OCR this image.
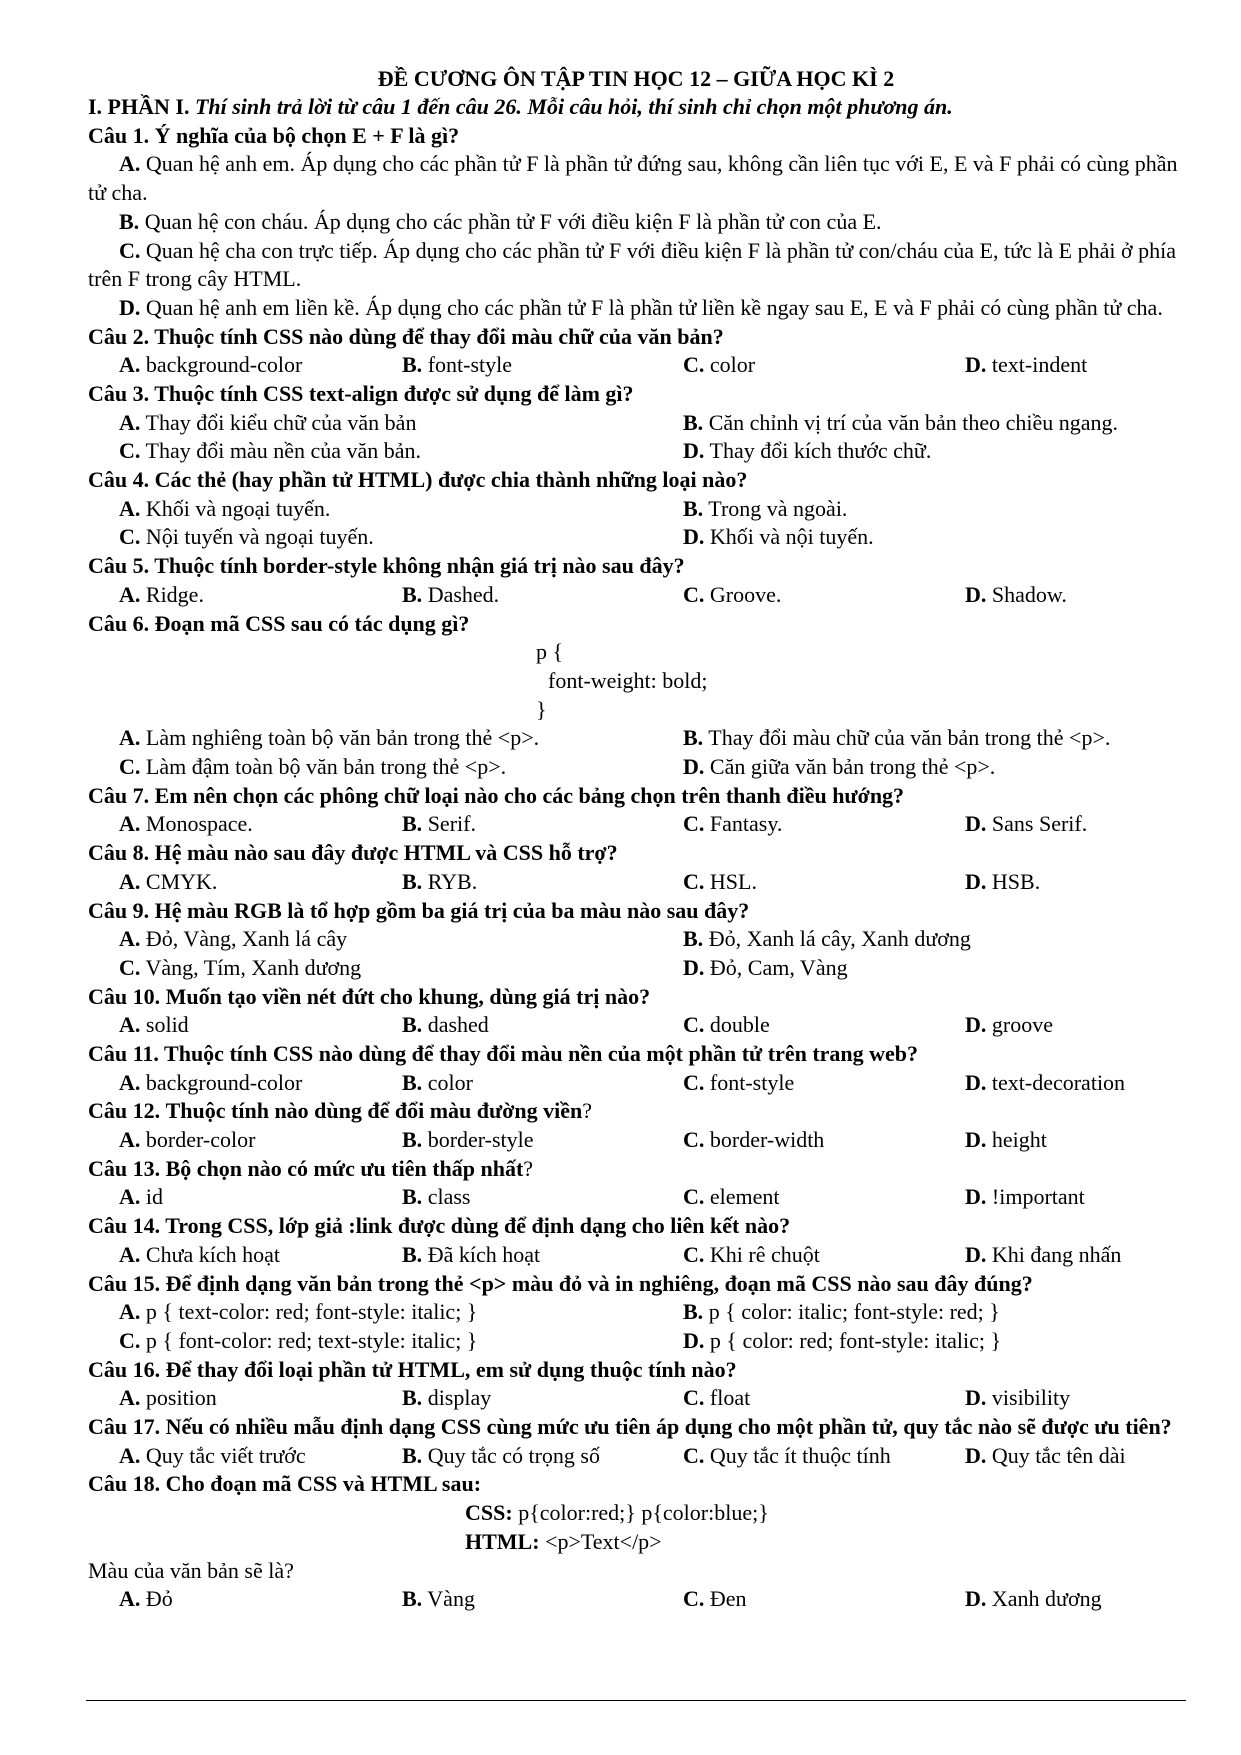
ĐỀ CƯƠNG ÔN TẬP TIN HỌC 12 – GIỮA HỌC KÌ 2
I. PHẦN I. Thí sinh trả lời từ câu 1 đến câu 26. Mỗi câu hỏi, thí sinh chỉ chọn một phương án.
Câu 1. Ý nghĩa của bộ chọn E + F là gì?
A. Quan hệ anh em. Áp dụng cho các phần tử F là phần tử đứng sau, không cần liên tục với E, E và F phải có cùng phần tử cha.
B. Quan hệ con cháu. Áp dụng cho các phần tử F với điều kiện F là phần tử con của E.
C. Quan hệ cha con trực tiếp. Áp dụng cho các phần tử F với điều kiện F là phần tử con/cháu của E, tức là E phải ở phía trên F trong cây HTML.
D. Quan hệ anh em liền kề. Áp dụng cho các phần tử F là phần tử liền kề ngay sau E, E và F phải có cùng phần tử cha.
Câu 2. Thuộc tính CSS nào dùng để thay đổi màu chữ của văn bản?
A. background-color	B. font-style	C. color	D. text-indent
Câu 3. Thuộc tính CSS text-align được sử dụng để làm gì?
A. Thay đổi kiểu chữ của văn bản	B. Căn chỉnh vị trí của văn bản theo chiều ngang.
C. Thay đổi màu nền của văn bản.	D. Thay đổi kích thước chữ.
Câu 4. Các thẻ (hay phần tử HTML) được chia thành những loại nào?
A. Khối và ngoại tuyến.	B. Trong và ngoài.
C. Nội tuyến và ngoại tuyến.	D. Khối và nội tuyến.
Câu 5. Thuộc tính border-style không nhận giá trị nào sau đây?
A. Ridge.	B. Dashed.	C. Groove.	D. Shadow.
Câu 6. Đoạn mã CSS sau có tác dụng gì?
p {
font-weight: bold;
}
A. Làm nghiêng toàn bộ văn bản trong thẻ <p>.	B. Thay đổi màu chữ của văn bản trong thẻ <p>.
C. Làm đậm toàn bộ văn bản trong thẻ <p>.	D. Căn giữa văn bản trong thẻ <p>.
Câu 7. Em nên chọn các phông chữ loại nào cho các bảng chọn trên thanh điều hướng?
A. Monospace.	B. Serif.	C. Fantasy.	D. Sans Serif.
Câu 8. Hệ màu nào sau đây được HTML và CSS hỗ trợ?
A. CMYK.	B. RYB.	C. HSL.	D. HSB.
Câu 9. Hệ màu RGB là tổ hợp gồm ba giá trị của ba màu nào sau đây?
A. Đỏ, Vàng, Xanh lá cây	B. Đỏ, Xanh lá cây, Xanh dương
C. Vàng, Tím, Xanh dương	D. Đỏ, Cam, Vàng
Câu 10. Muốn tạo viền nét đứt cho khung, dùng giá trị nào?
A. solid	B. dashed	C. double	D. groove
Câu 11. Thuộc tính CSS nào dùng để thay đổi màu nền của một phần tử trên trang web?
A. background-color	B. color	C. font-style	D. text-decoration
Câu 12. Thuộc tính nào dùng để đổi màu đường viền?
A. border-color	B. border-style	C. border-width	D. height
Câu 13. Bộ chọn nào có mức ưu tiên thấp nhất?
A. id	B. class	C. element	D. !important
Câu 14. Trong CSS, lớp giả :link được dùng để định dạng cho liên kết nào?
A. Chưa kích hoạt	B. Đã kích hoạt	C. Khi rê chuột	D. Khi đang nhấn
Câu 15. Để định dạng văn bản trong thẻ <p> màu đỏ và in nghiêng, đoạn mã CSS nào sau đây đúng?
A. p { text-color: red; font-style: italic; }	B. p { color: italic; font-style: red; }
C. p { font-color: red; text-style: italic; }	D. p { color: red; font-style: italic; }
Câu 16. Để thay đổi loại phần tử HTML, em sử dụng thuộc tính nào?
A. position	B. display	C. float	D. visibility
Câu 17. Nếu có nhiều mẫu định dạng CSS cùng mức ưu tiên áp dụng cho một phần tử, quy tắc nào sẽ được ưu tiên?
A. Quy tắc viết trước	B. Quy tắc có trọng số	C. Quy tắc ít thuộc tính	D. Quy tắc tên dài
Câu 18. Cho đoạn mã CSS và HTML sau:
CSS: p{color:red;} p{color:blue;}
HTML: <p>Text</p>
Màu của văn bản sẽ là?
A. Đỏ	B. Vàng	C. Đen	D. Xanh dương
